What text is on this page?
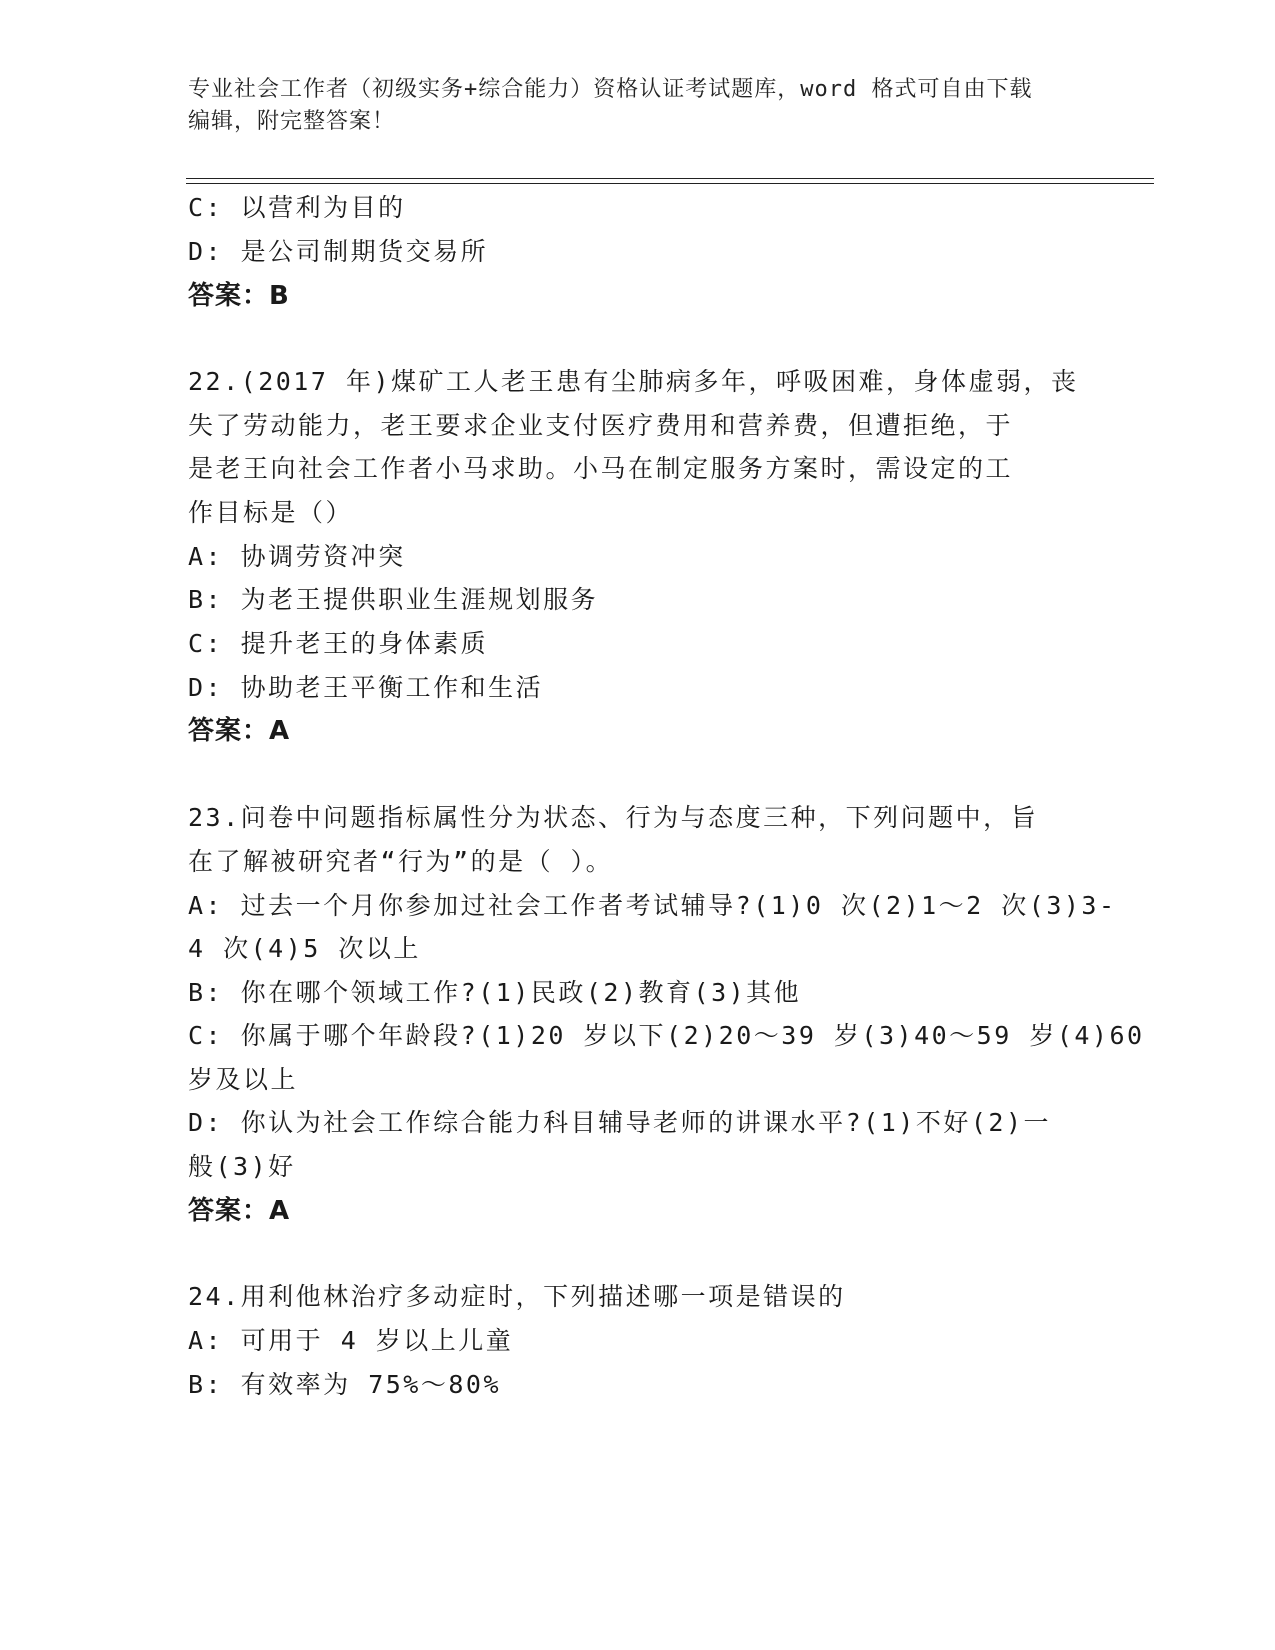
专业社会工作者（初级实务+综合能力）资格认证考试题库，word 格式可自由下载
编辑，附完整答案！
C: 以营利为目的
D: 是公司制期货交易所
答案：B
22.(2017 年)煤矿工人老王患有尘肺病多年，呼吸困难，身体虚弱，丧
失了劳动能力，老王要求企业支付医疗费用和营养费，但遭拒绝，于
是老王向社会工作者小马求助。小马在制定服务方案时，需设定的工
作目标是（）
A: 协调劳资冲突
B: 为老王提供职业生涯规划服务
C: 提升老王的身体素质
D: 协助老王平衡工作和生活
答案：A
23.问卷中问题指标属性分为状态、行为与态度三种，下列问题中，旨
在了解被研究者“行为”的是（ ）。
A: 过去一个月你参加过社会工作者考试辅导?(1)0 次(2)1～2 次(3)3-
4 次(4)5 次以上
B: 你在哪个领域工作?(1)民政(2)教育(3)其他
C: 你属于哪个年龄段?(1)20 岁以下(2)20～39 岁(3)40～59 岁(4)60
岁及以上
D: 你认为社会工作综合能力科目辅导老师的讲课水平?(1)不好(2)一
般(3)好
答案：A
24.用利他林治疗多动症时，下列描述哪一项是错误的
A: 可用于 4 岁以上儿童
B: 有效率为 75%～80%
